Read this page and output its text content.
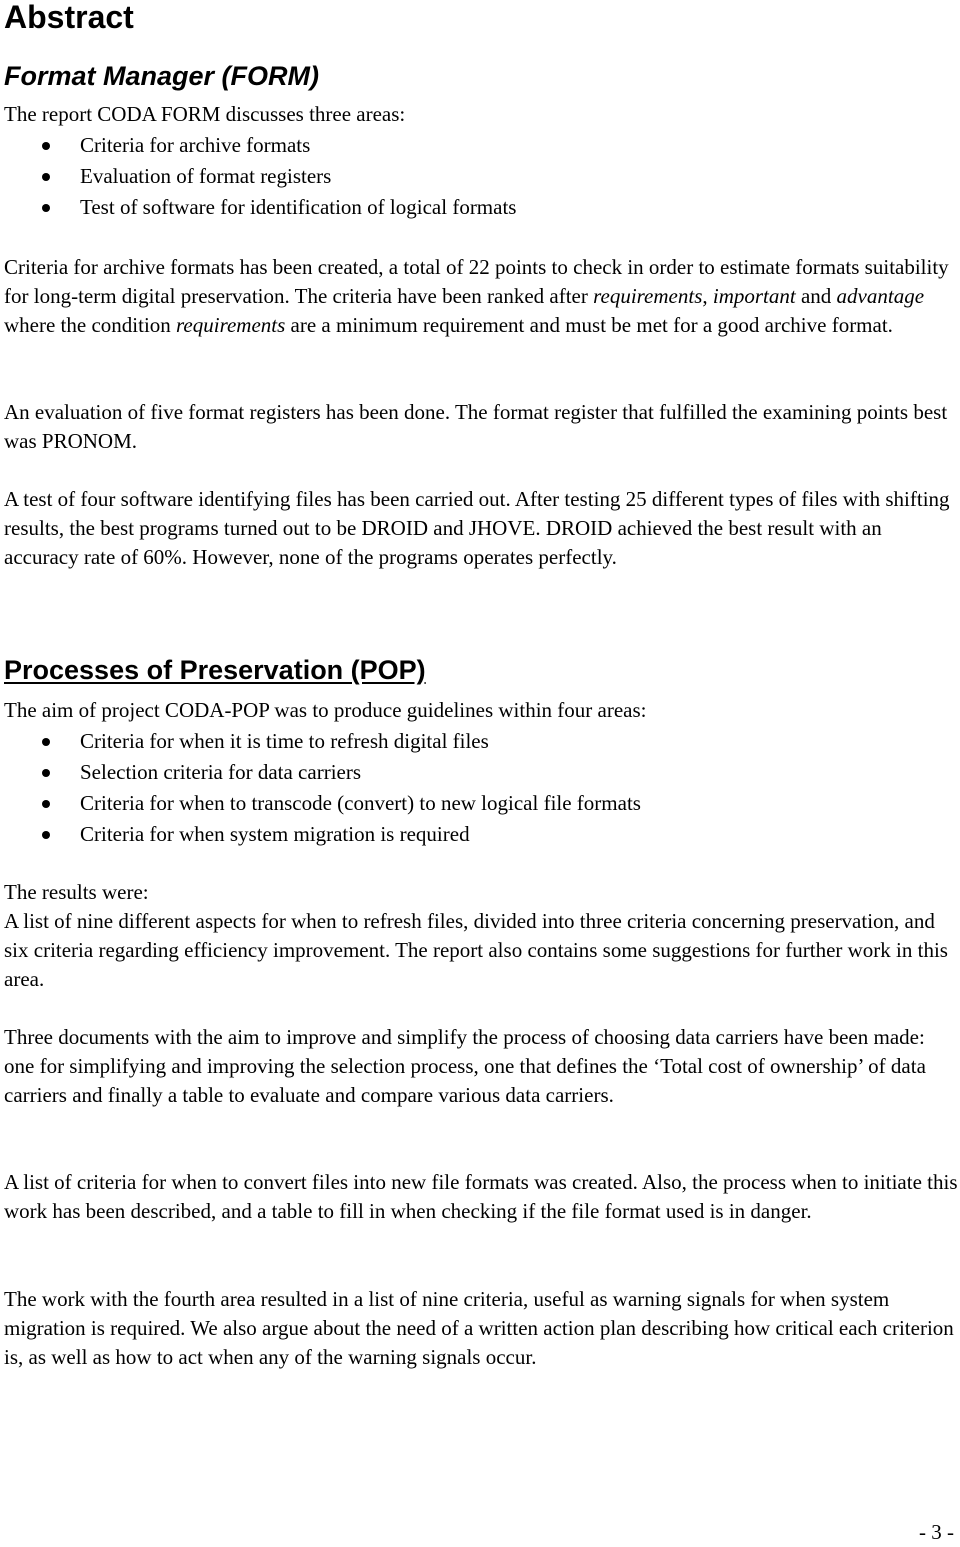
Abstract
Format Manager (FORM)

The report CODA FORM discusses three areas:

Criteria for archive formats
Evaluation of format registers
Test of software for identification of logical formats

Criteria for archive formats has been created, a total of 22 points to check in order to estimate formats suitability for long-term digital preservation. The criteria have been ranked after requirements, important and advantage where the condition requirements are a minimum requirement and must be met for a good archive format.

An evaluation of five format registers has been done. The format register that fulfilled the examining points best was PRONOM.

A test of four software identifying files has been carried out. After testing 25 different types of files with shifting results, the best programs turned out to be DROID and JHOVE. DROID achieved the best result with an accuracy rate of 60%. However, none of the programs operates perfectly.

Processes of Preservation (POP)

The aim of project CODA-POP was to produce guidelines within four areas:

Criteria for when it is time to refresh digital files
Selection criteria for data carriers
Criteria for when to transcode (convert) to new logical file formats
Criteria for when system migration is required

The results were:

A list of nine different aspects for when to refresh files, divided into three criteria concerning preservation, and six criteria regarding efficiency improvement. The report also contains some suggestions for further work in this area.

Three documents with the aim to improve and simplify the process of choosing data carriers have been made: one for simplifying and improving the selection process, one that defines the ‘Total cost of ownership’ of data carriers and finally a table to evaluate and compare various data carriers.

A list of criteria for when to convert files into new file formats was created. Also, the process when to initiate this work has been described, and a table to fill in when checking if the file format used is in danger.

The work with the fourth area resulted in a list of nine criteria, useful as warning signals for when system migration is required. We also argue about the need of a written action plan describing how critical each criterion is, as well as how to act when any of the warning signals occur.

- 3 -
